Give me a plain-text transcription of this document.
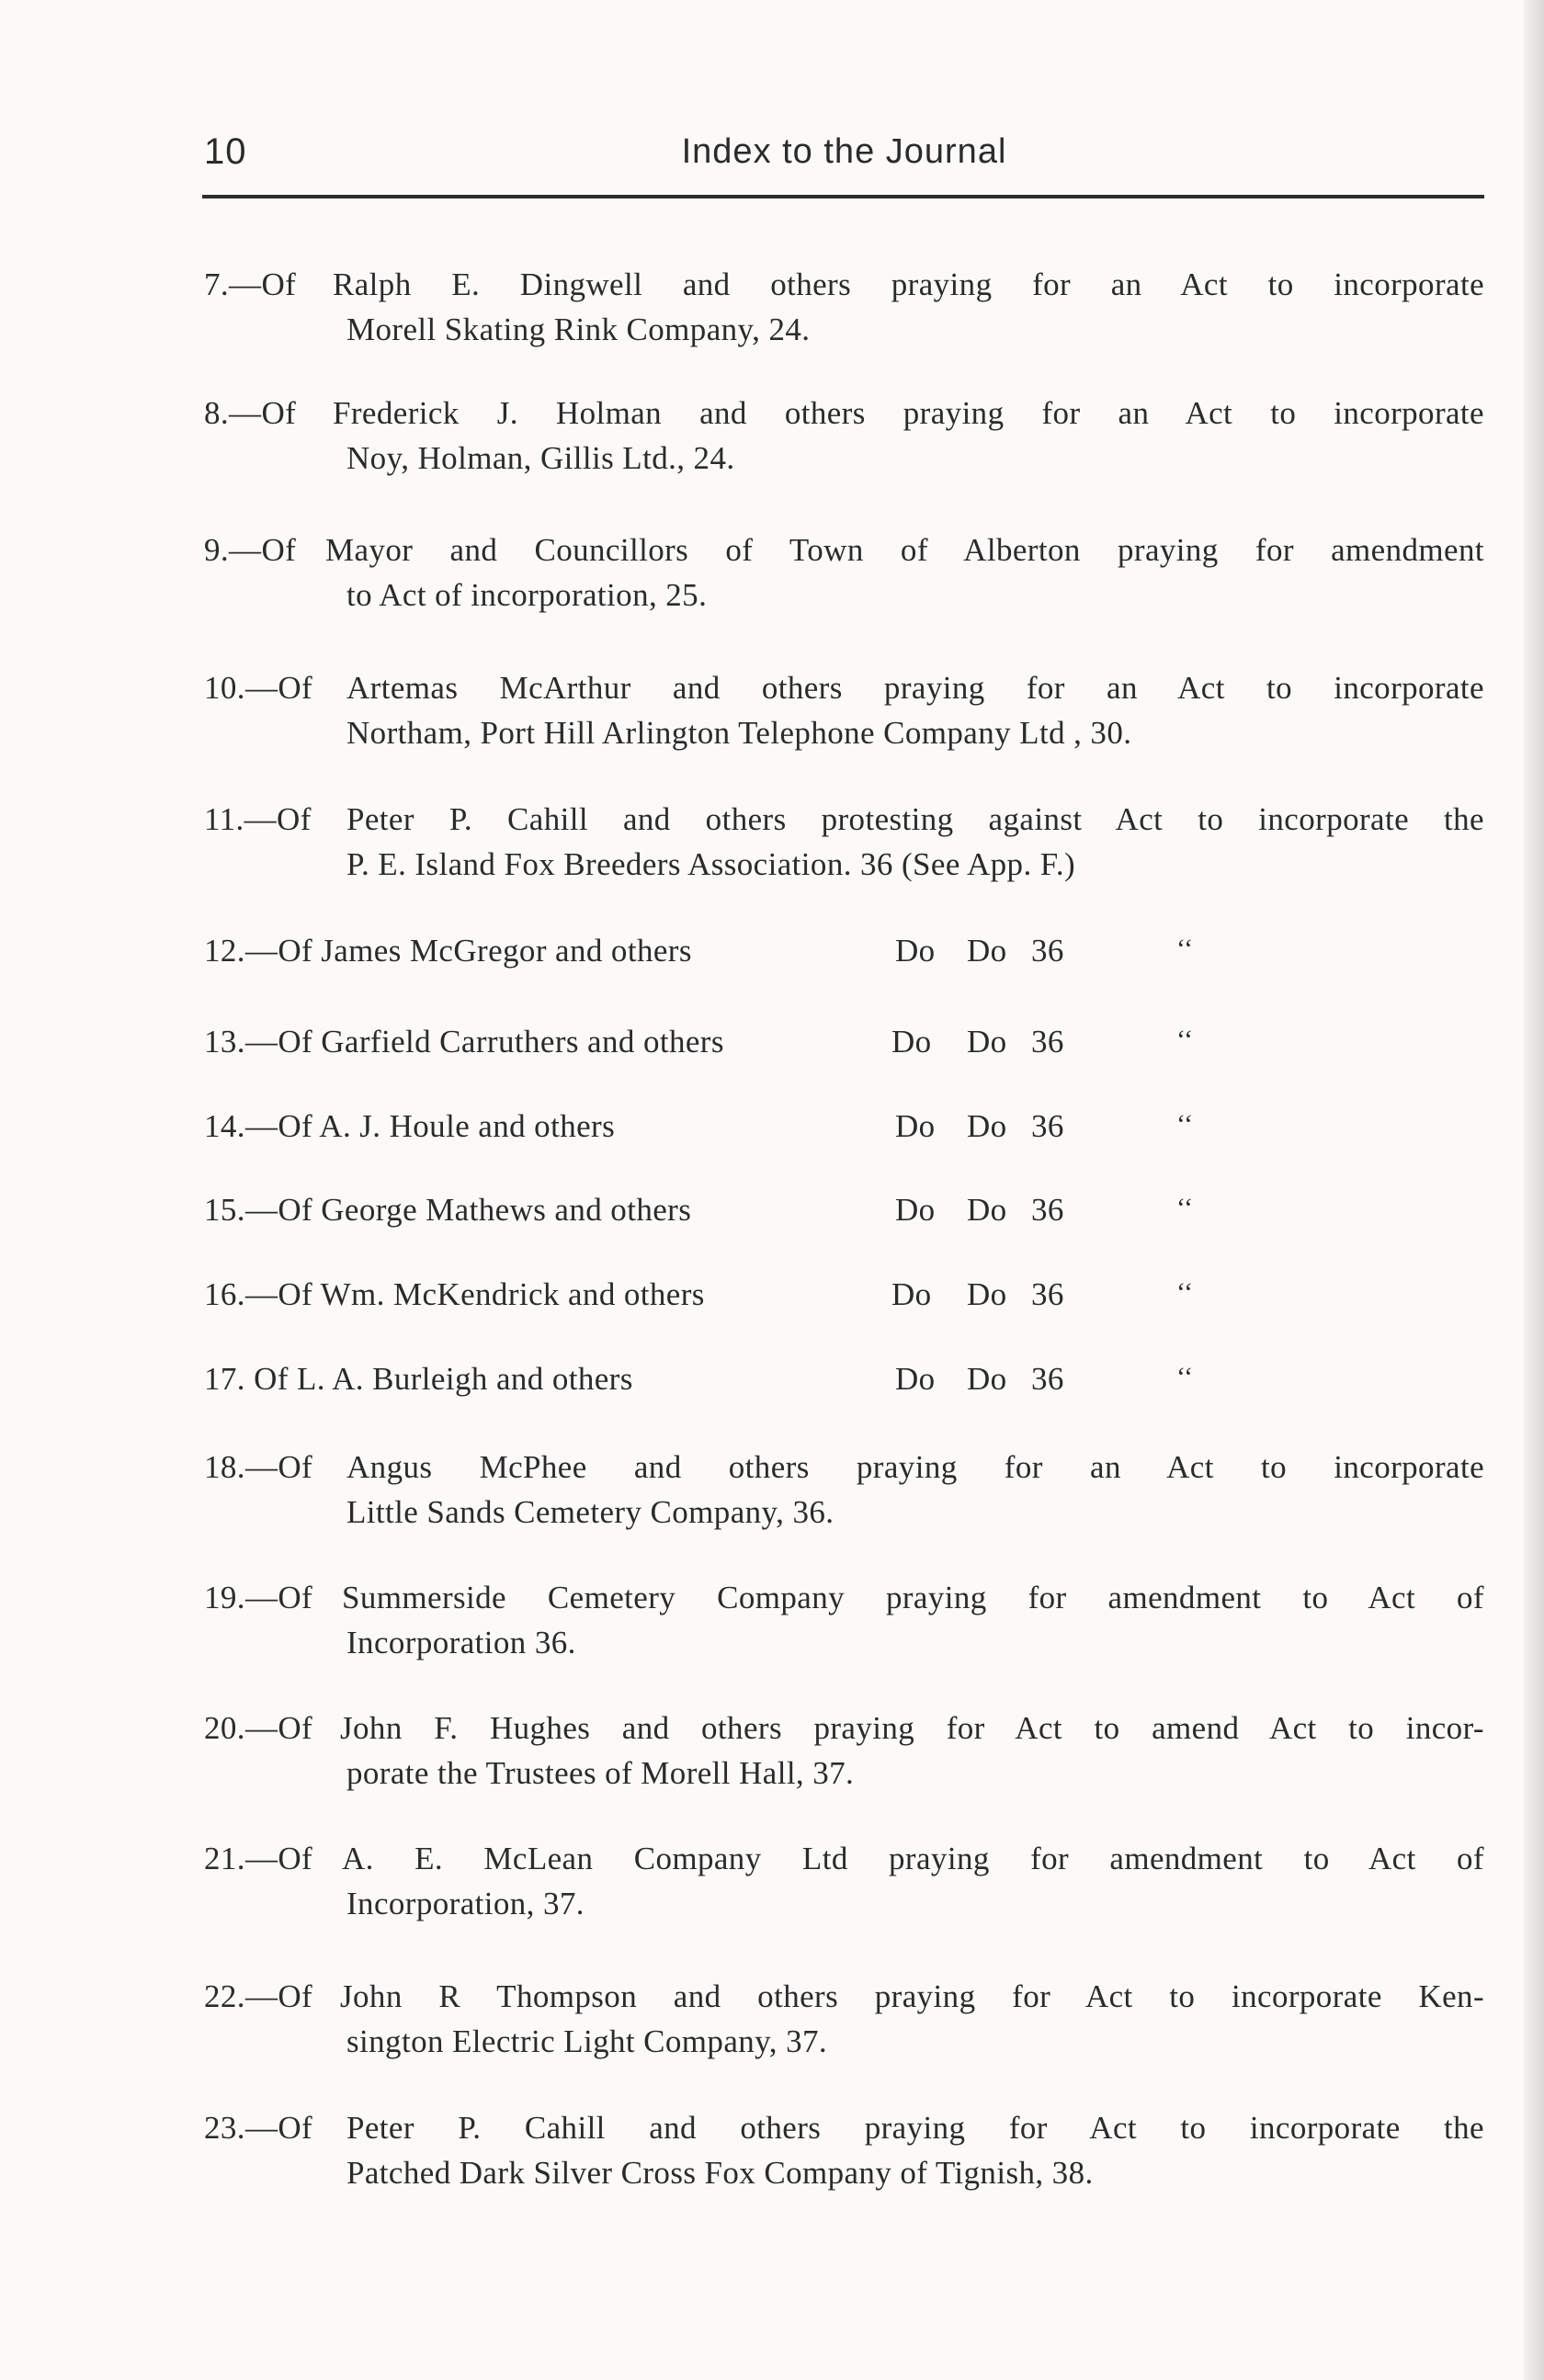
10	Index to the Journal
7.—Of	Ralph E. Dingwell and others praying for an Act to incorporate
Morell Skating Rink Company, 24.
8.—Of	Frederick J. Holman and others praying for an Act to incorporate
Noy, Holman, Gillis Ltd., 24.
9.—Of Mayor and Councillors of Town of Alberton praying for amendment
to Act of incorporation, 25.
10.—Of	Artemas McArthur and others praying for an Act to incorporate
Northam, Port Hill Arlington Telephone Company Ltd , 30.
11.—Of	Peter P. Cahill and others protesting against Act to incorporate the
P. E. Island Fox Breeders Association. 36 (See App. F.)
12.—Of James McGregor and others	Do Do 36	‘‘
13.—Of Garfield Carruthers and others	Do Do 36	‘‘
14.—Of A. J. Houle and others	Do Do 36	‘‘
15.—Of George Mathews and others	Do Do 36	‘‘
16.—Of Wm. McKendrick and others	Do Do 36	‘‘
17. Of L. A. Burleigh and others	Do Do 36	‘‘
18.—Of	Angus McPhee and others praying for an Act to incorporate
Little Sands Cemetery Company, 36.
19.—Of Summerside Cemetery Company praying for amendment to Act of
Incorporation 36.
20.—Of John F. Hughes and others praying for Act to amend Act to incor-
porate the Trustees of Morell Hall, 37.
21.—Of A. E. McLean Company Ltd praying for amendment to Act of
Incorporation, 37.
22.—Of John R Thompson and others praying for Act to incorporate Ken-
sington Electric Light Company, 37.
23.—Of	Peter P. Cahill and others praying for Act to incorporate the
Patched Dark Silver Cross Fox Company of Tignish, 38.
